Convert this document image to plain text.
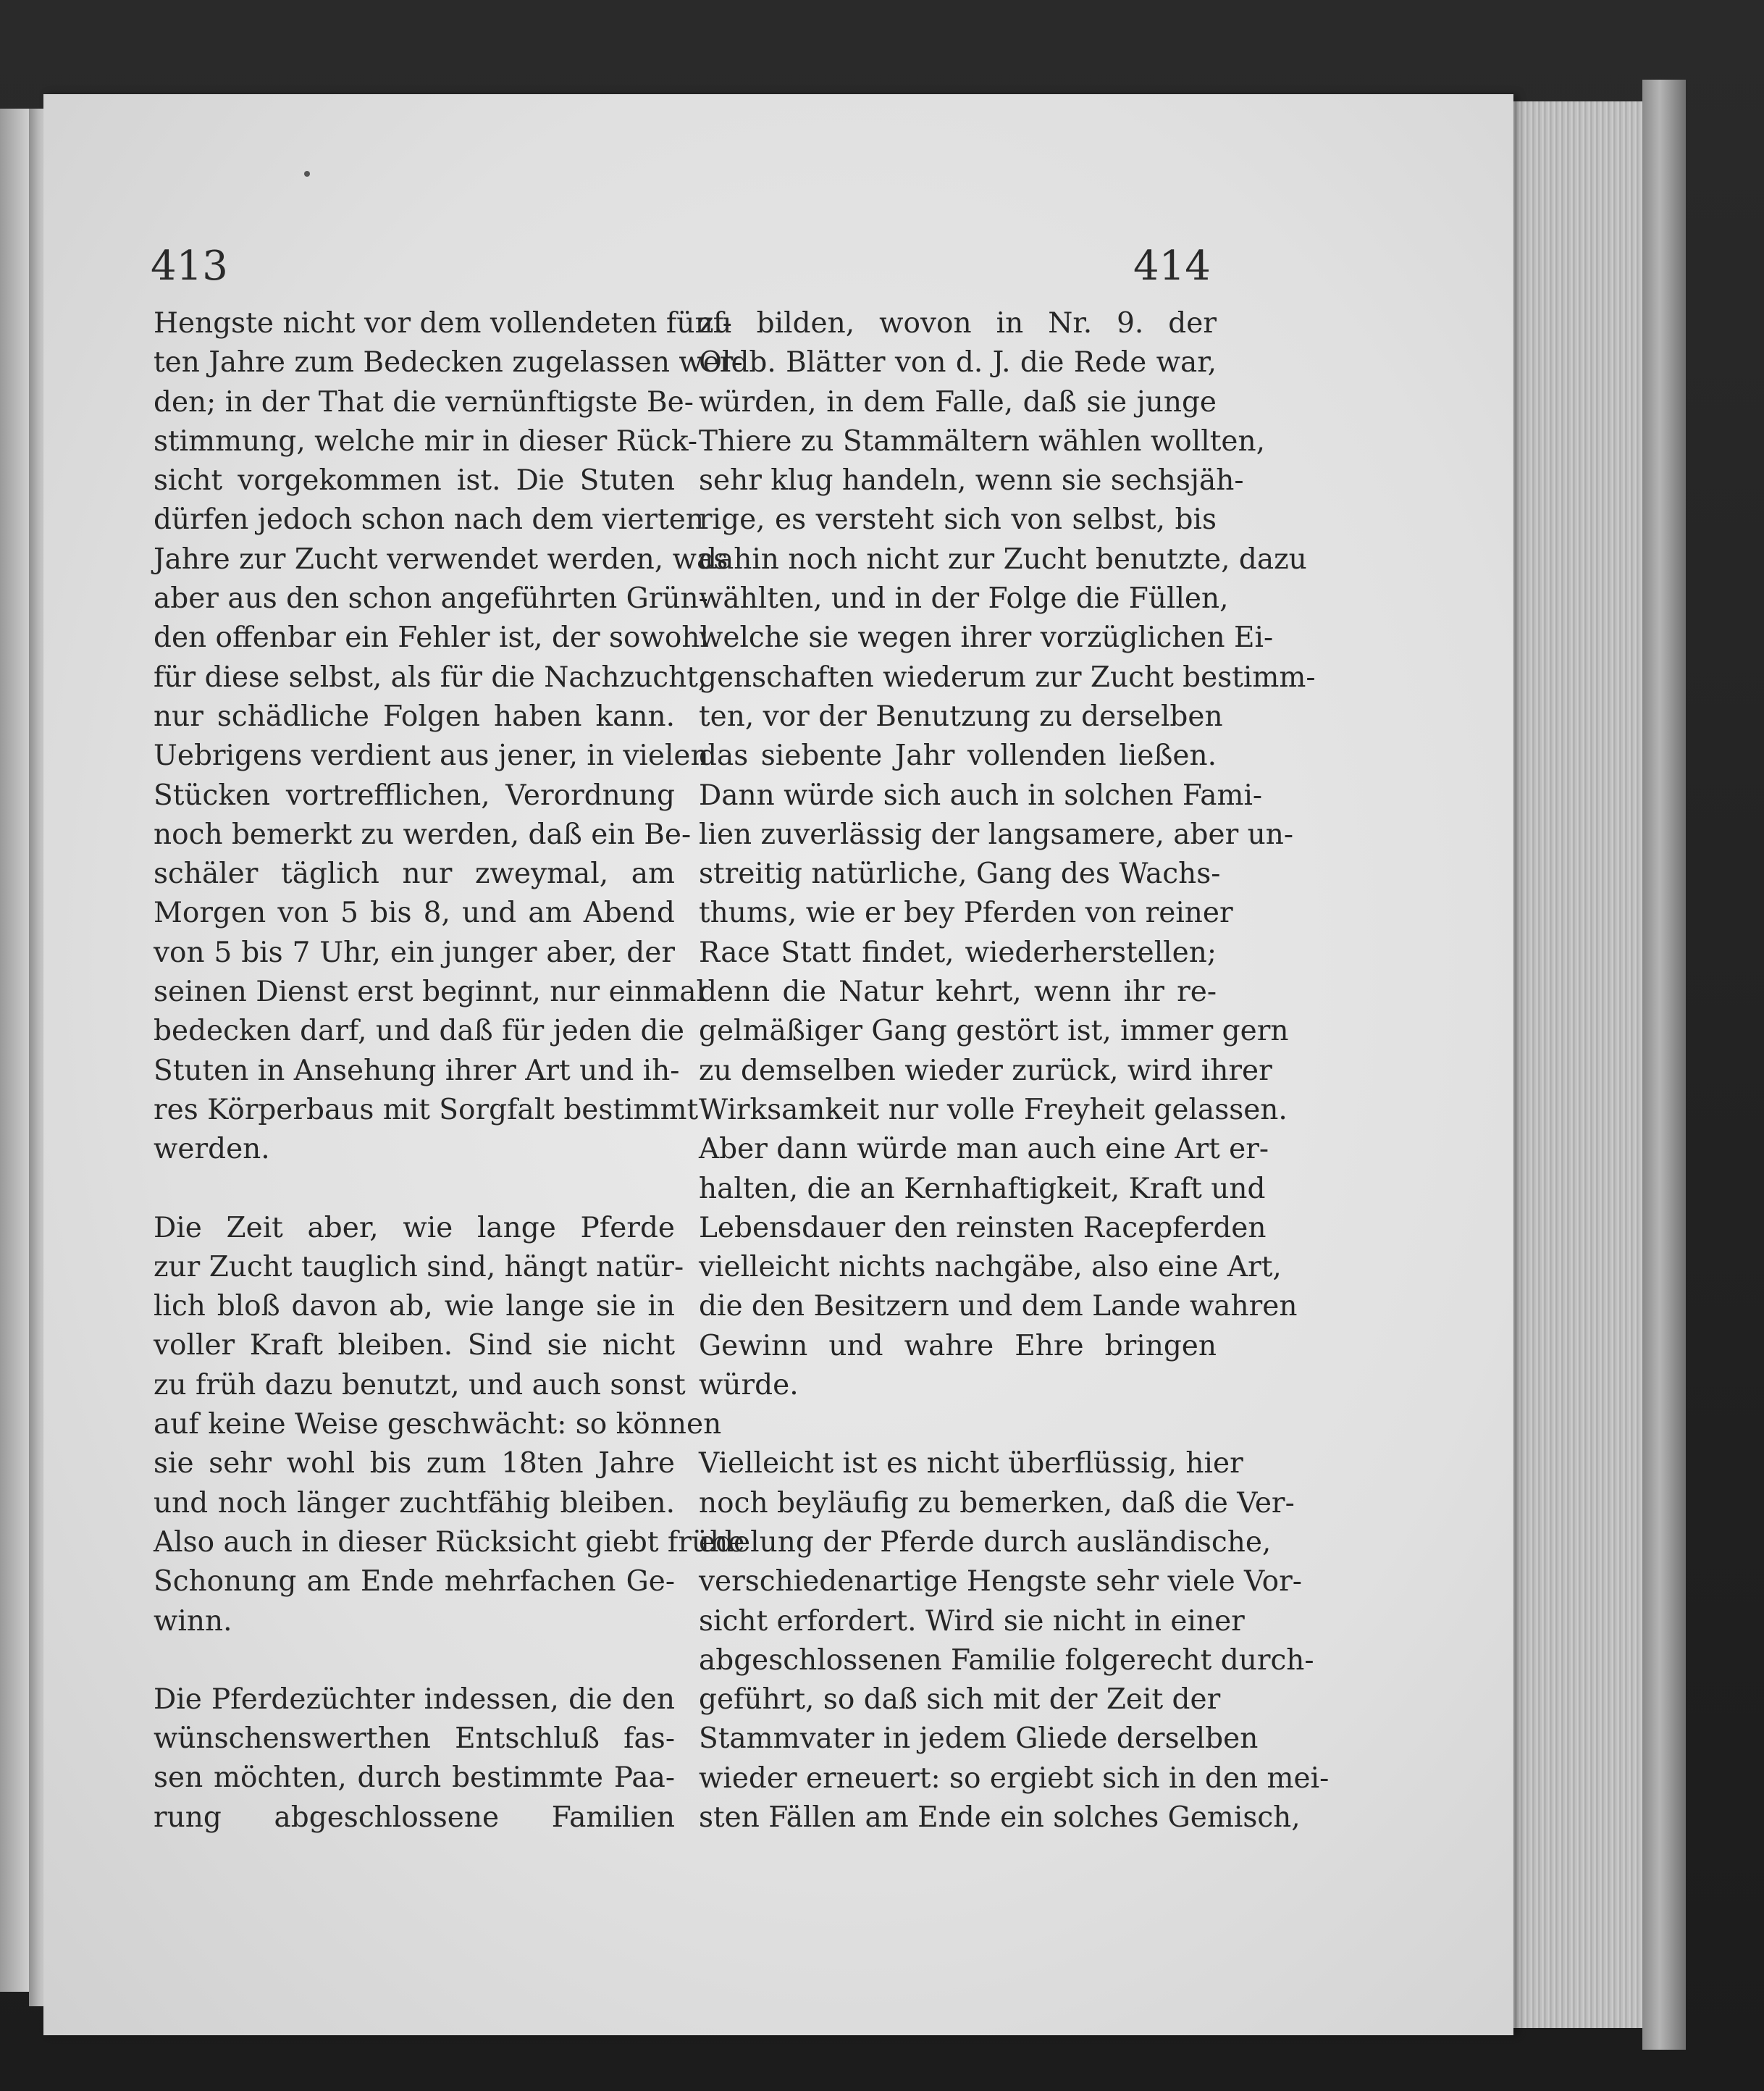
413	414
Hengste nicht vor dem vollendeten fünf-
ten Jahre zum Bedecken zugelassen wer-
den; in der That die vernünftigste Be-
stimmung, welche mir in dieser Rück-
sicht vorgekommen ist. Die Stuten
dürfen jedoch schon nach dem vierten
Jahre zur Zucht verwendet werden, was
aber aus den schon angeführten Grün-
den offenbar ein Fehler ist, der sowohl
für diese selbst, als für die Nachzucht,
nur schädliche Folgen haben kann.
Uebrigens verdient aus jener, in vielen
Stücken vortrefflichen, Verordnung
noch bemerkt zu werden, daß ein Be-
schäler täglich nur zweymal, am
Morgen von 5 bis 8, und am Abend
von 5 bis 7 Uhr, ein junger aber, der
seinen Dienst erst beginnt, nur einmal
bedecken darf, und daß für jeden die
Stuten in Ansehung ihrer Art und ih-
res Körperbaus mit Sorgfalt bestimmt
werden.
Die Zeit aber, wie lange Pferde
zur Zucht tauglich sind, hängt natür-
lich bloß davon ab, wie lange sie in
voller Kraft bleiben. Sind sie nicht
zu früh dazu benutzt, und auch sonst
auf keine Weise geschwächt: so können
sie sehr wohl bis zum 18ten Jahre
und noch länger zuchtfähig bleiben.
Also auch in dieser Rücksicht giebt frühe
Schonung am Ende mehrfachen Ge-
winn.
Die Pferdezüchter indessen, die den
wünschenswerthen Entschluß fas-
sen möchten, durch bestimmte Paa-
rung abgeschlossene Familien
zu bilden, wovon in Nr. 9. der
Oldb. Blätter von d. J. die Rede war,
würden, in dem Falle, daß sie junge
Thiere zu Stammältern wählen wollten,
sehr klug handeln, wenn sie sechsjäh-
rige, es versteht sich von selbst, bis
dahin noch nicht zur Zucht benutzte, dazu
wählten, und in der Folge die Füllen,
welche sie wegen ihrer vorzüglichen Ei-
genschaften wiederum zur Zucht bestimm-
ten, vor der Benutzung zu derselben
das siebente Jahr vollenden ließen.
Dann würde sich auch in solchen Fami-
lien zuverlässig der langsamere, aber un-
streitig natürliche, Gang des Wachs-
thums, wie er bey Pferden von reiner
Race Statt findet, wiederherstellen;
denn die Natur kehrt, wenn ihr re-
gelmäßiger Gang gestört ist, immer gern
zu demselben wieder zurück, wird ihrer
Wirksamkeit nur volle Freyheit gelassen.
Aber dann würde man auch eine Art er-
halten, die an Kernhaftigkeit, Kraft und
Lebensdauer den reinsten Racepferden
vielleicht nichts nachgäbe, also eine Art,
die den Besitzern und dem Lande wahren
Gewinn und wahre Ehre bringen
würde.
Vielleicht ist es nicht überflüssig, hier
noch beyläufig zu bemerken, daß die Ver-
edelung der Pferde durch ausländische,
verschiedenartige Hengste sehr viele Vor-
sicht erfordert. Wird sie nicht in einer
abgeschlossenen Familie folgerecht durch-
geführt, so daß sich mit der Zeit der
Stammvater in jedem Gliede derselben
wieder erneuert: so ergiebt sich in den mei-
sten Fällen am Ende ein solches Gemisch,
